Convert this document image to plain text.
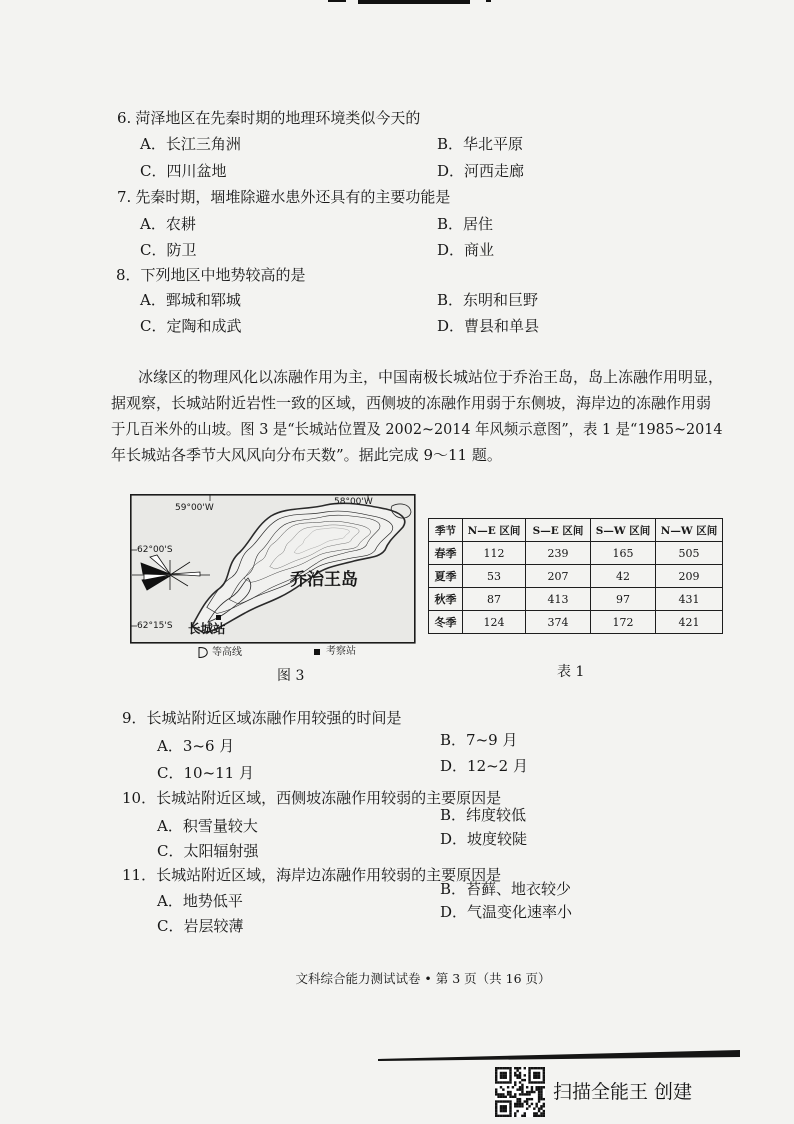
6. 菏泽地区在先秦时期的地理环境类似今天的
A．长江三角洲	B．华北平原
C．四川盆地	D．河西走廊
7. 先秦时期，堌堆除避水患外还具有的主要功能是
A．农耕	B．居住
C．防卫	D．商业
8．下列地区中地势较高的是
A．鄄城和郓城	B．东明和巨野
C．定陶和成武	D．曹县和单县
冰缘区的物理风化以冻融作用为主，中国南极长城站位于乔治王岛，岛上冻融作用明显，
据观察，长城站附近岩性一致的区域，西侧坡的冻融作用弱于东侧坡，海岸边的冻融作用弱
于几百米外的山坡。图 3 是“长城站位置及 2002~2014 年风频示意图”，表 1 是“1985~2014
年长城站各季节大风风向分布天数”。据此完成 9～11 题。
59°00'W
58°00'W
62°00'S
62°15'S
乔治王岛
长城站
等高线	考察站
图 3
季节	N—E 区间	S—E 区间	S—W 区间	N—W 区间
春季	112	239	165	505
夏季	53	207	42	209
秋季	87	413	97	431
冬季	124	374	172	421
表 1
9．长城站附近区域冻融作用较强的时间是
A．3~6 月	B．7~9 月
C．10~11 月	D．12~2 月
10．长城站附近区域，西侧坡冻融作用较弱的主要原因是
A．积雪量较大
B．纬度较低
C．太阳辐射强
D．坡度较陡
11．长城站附近区域，海岸边冻融作用较弱的主要原因是
A．地势低平
B．苔藓、地衣较少
C．岩层较薄
D．气温变化速率小
文科综合能力测试试卷 • 第 3 页（共 16 页）
扫描全能王 创建
